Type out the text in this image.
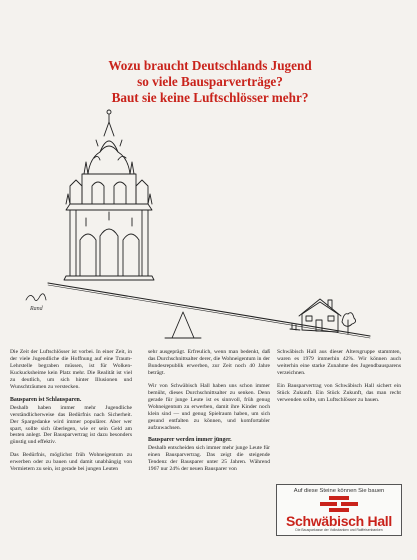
Wozu braucht Deutschlands Jugend
so viele Bausparverträge?
Baut sie keine Luftschlösser mehr?
Rand

Die Zeit der Luftschlösser ist vorbei. In einer Zeit, in der viele Jugendliche die Hoffnung auf eine Traum-Lehrstelle begraben müssen, ist für Wolken-Kuckucksheime kein Platz mehr. Die Realität ist viel zu deutlich, um sich hinter Illusionen und Wunschträumen zu verstecken.

Bausparen ist Schlausparen.

Deshalb haben immer mehr Jugendliche verständlicherweise das Bedürfnis nach Sicherheit. Der Spargedanke wird immer populärer. Aber wer spart, sollte sich überlegen, wie er sein Geld am besten anlegt. Der Bausparvertrag ist dazu besonders günstig und effektiv.

Das Bedürfnis, möglichst früh Wohneigentum zu erwerben oder zu bauen und damit unabhängig von Vermietern zu sein, ist gerade bei jungen Leuten

sehr ausgeprägt. Erfreulich, wenn man bedenkt, daß das Durchschnittsalter derer, die Wohneigentum in der Bundesrepublik erwerben, zur Zeit noch 40 Jahre beträgt.

Wir von Schwäbisch Hall haben uns schon immer bemüht, dieses Durchschnittsalter zu senken. Denn gerade für junge Leute ist es sinnvoll, früh genug Wohneigentum zu erwerben, damit ihre Kinder noch klein sind — und genug Spielraum haben, um sich gesund entfalten zu können, und komfortabler aufzuwachsen.

Bausparer werden immer jünger.

Deshalb entscheiden sich immer mehr junge Leute für einen Bausparvertrag. Das zeigt die steigende Tendenz der Bausparer unter 25 Jahren. Während 1967 nur 24% der neuen Bausparer von

Schwäbisch Hall aus dieser Altersgruppe stammten, waren es 1979 immerhin 42%. Wir können auch weiterhin eine starke Zunahme des Jugendbausparens verzeichnen.

Ein Bausparvertrag von Schwäbisch Hall sichert ein Stück Zukunft. Ein Stück Zukunft, das man recht verwenden sollte, um Luftschlösser zu bauen.

Auf diese Steine können Sie bauen
Schwäbisch Hall
Die Bausparkasse der Volksbanken und Raiffeisenbanken
